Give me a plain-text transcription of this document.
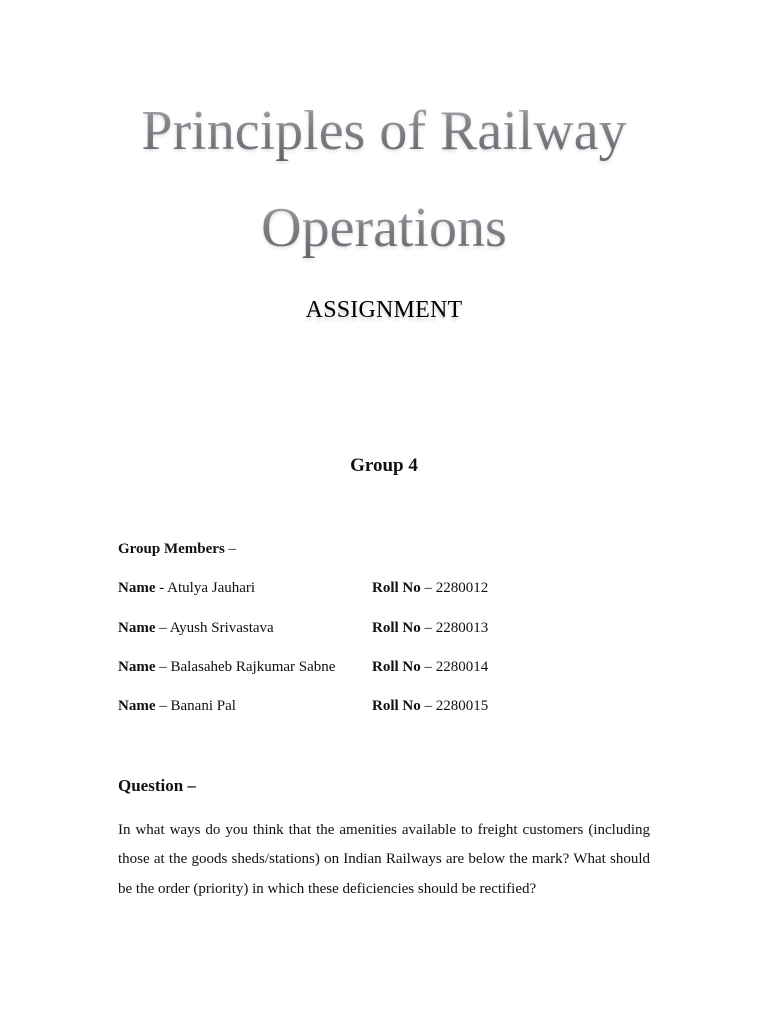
Principles of Railway
Operations
ASSIGNMENT
Group 4
Group Members –
Name - Atulya Jauhari	Roll No – 2280012
Name – Ayush Srivastava	Roll No – 2280013
Name – Balasaheb Rajkumar Sabne Roll No – 2280014
Name – Banani Pal	Roll No – 2280015
Question –
In what ways do you think that the amenities available to freight customers (including those at the goods sheds/stations) on Indian Railways are below the mark? What should be the order (priority) in which these deficiencies should be rectified?
